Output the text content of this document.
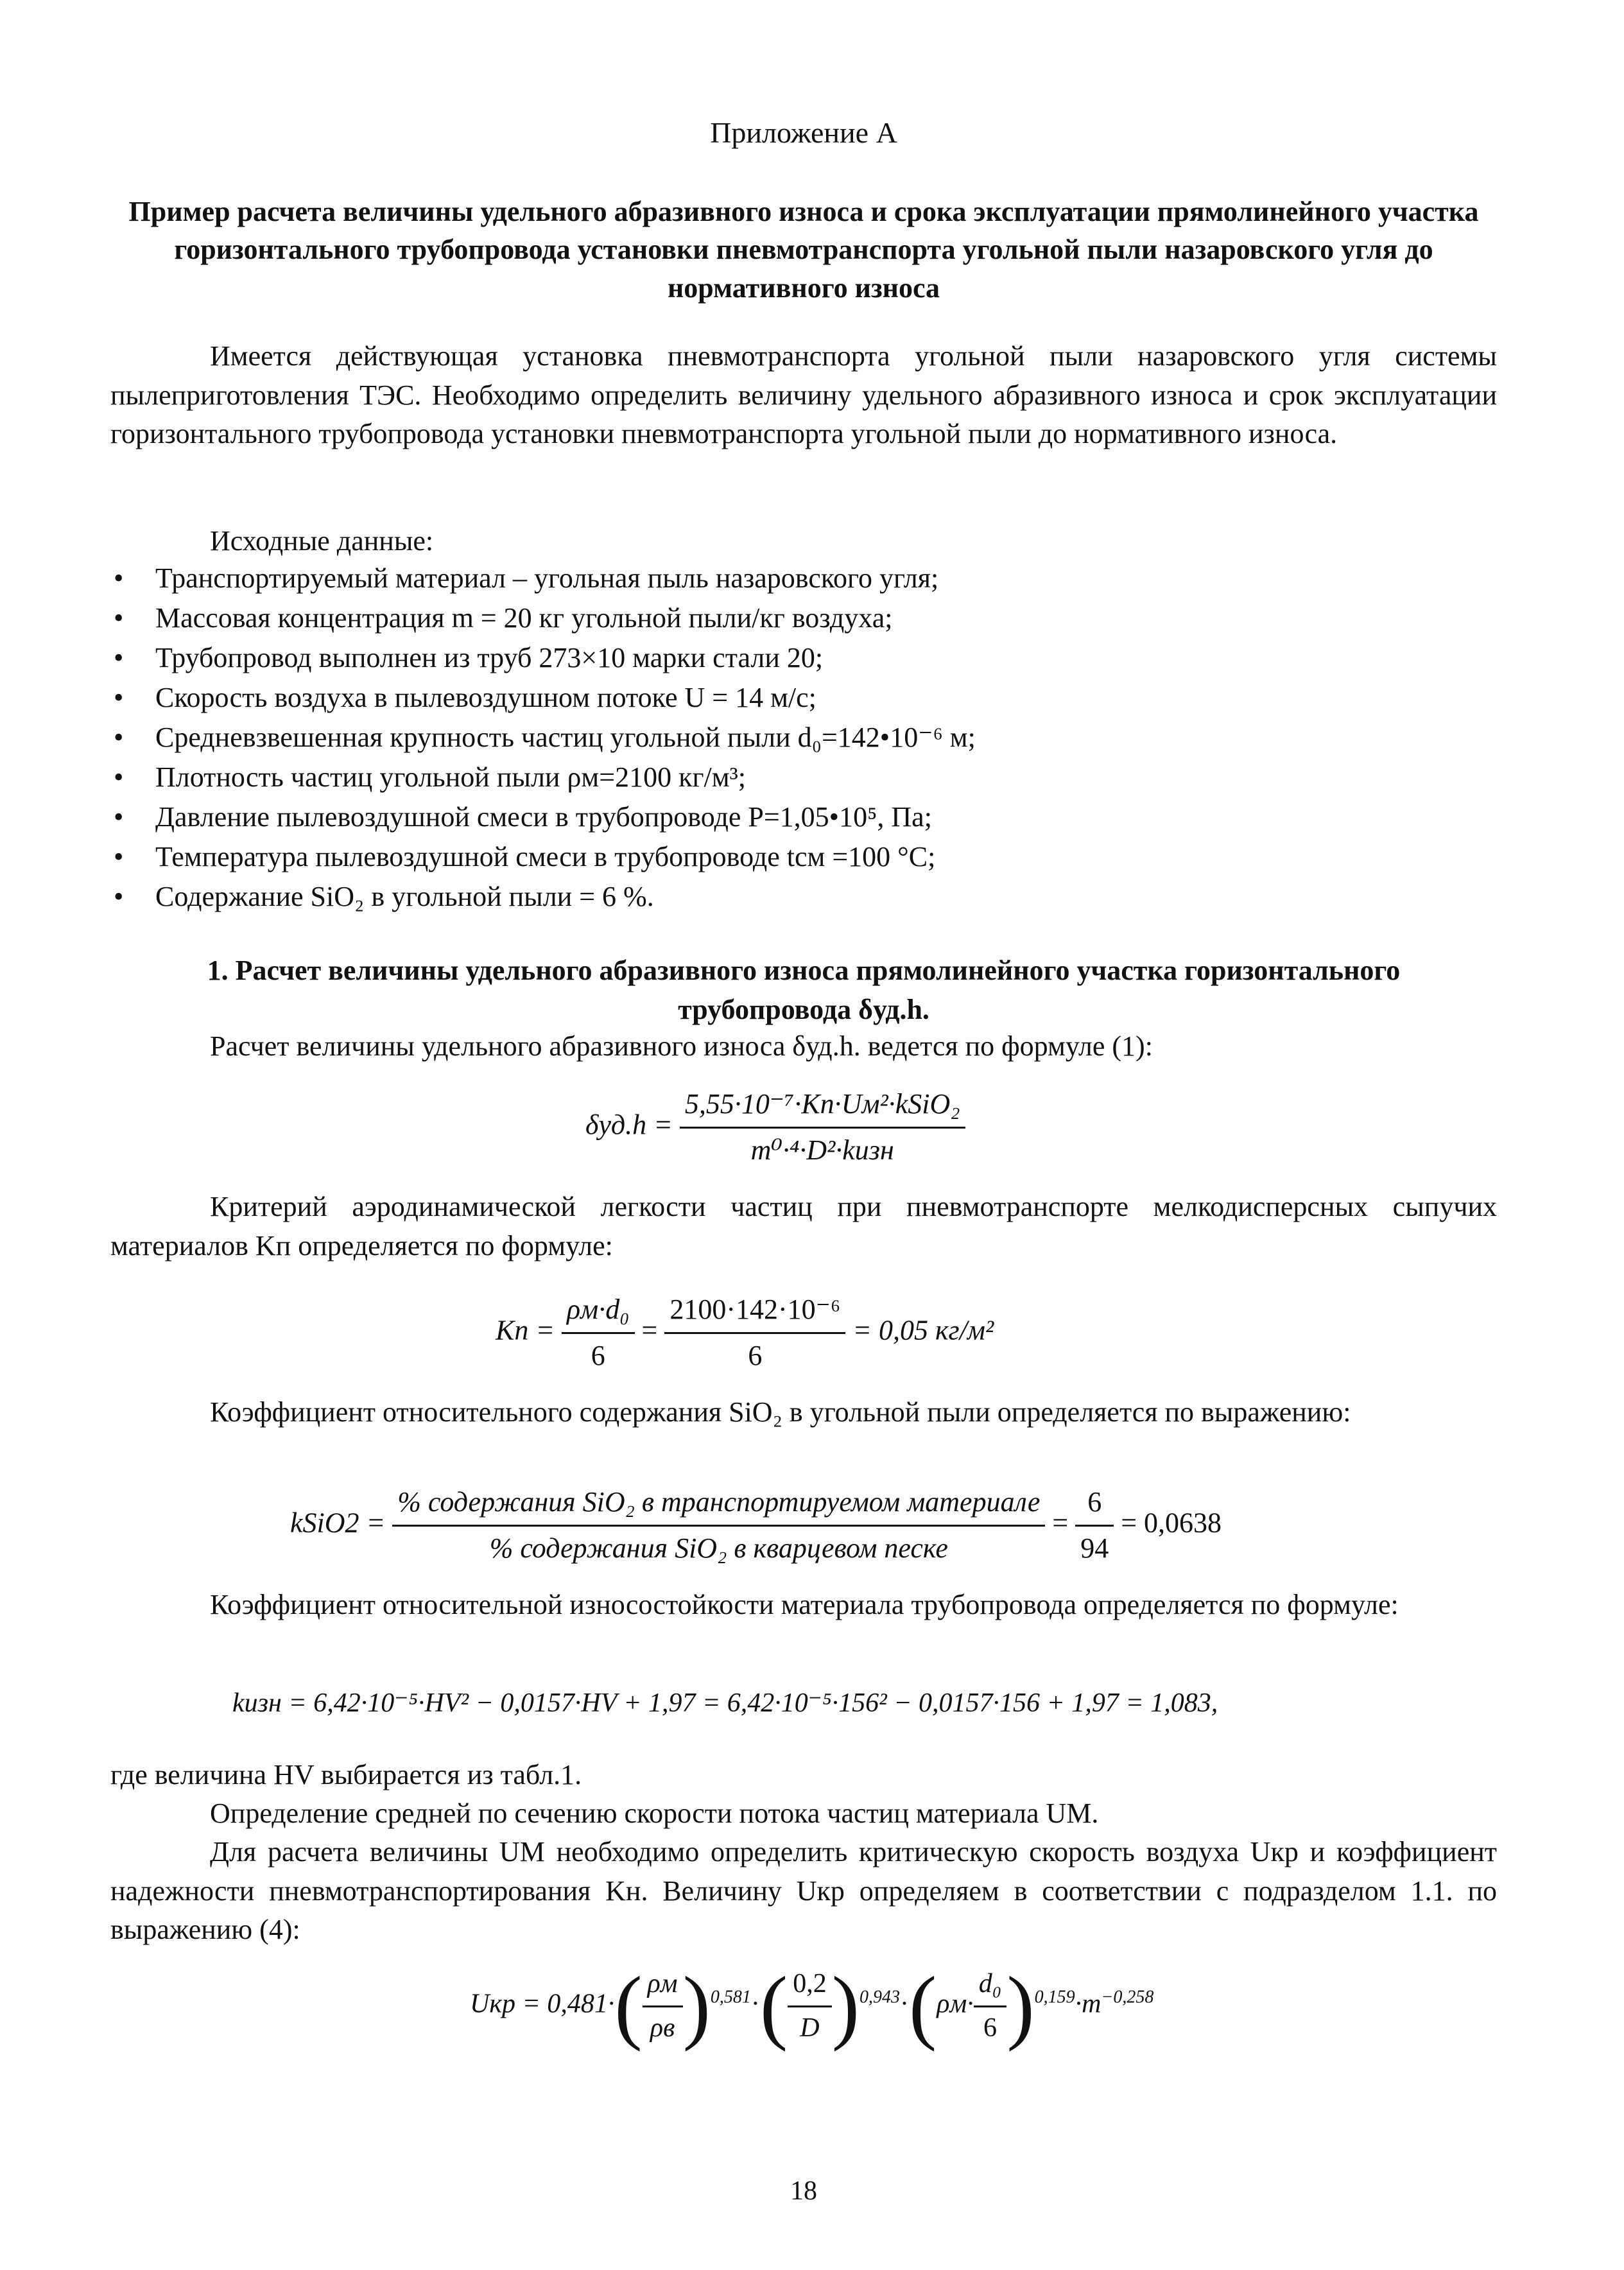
Приложение А
Пример расчета величины удельного абразивного износа и срока эксплуатации прямолинейного участка горизонтального трубопровода установки пневмотранспорта угольной пыли назаровского угля до нормативного износа
Имеется действующая установка пневмотранспорта угольной пыли назаровского угля системы пылеприготовления ТЭС. Необходимо определить величину удельного абразивного износа и срок эксплуатации горизонтального трубопровода установки пневмотранспорта угольной пыли до нормативного износа.
Исходные данные:
• Транспортируемый материал – угольная пыль назаровского угля;
• Массовая концентрация m = 20 кг угольной пыли/кг воздуха;
• Трубопровод выполнен из труб 273×10 марки стали 20;
• Скорость воздуха в пылевоздушном потоке U = 14 м/с;
• Средневзвешенная крупность частиц угольной пыли d₀=142•10⁻⁶ м;
• Плотность частиц угольной пыли ρм=2100 кг/м³;
• Давление пылевоздушной смеси в трубопроводе P=1,05•10⁵, Па;
• Температура пылевоздушной смеси в трубопроводе tсм =100 °С;
• Содержание SiO₂ в угольной пыли = 6 %.
1. Расчет величины удельного абразивного износа прямолинейного участка горизонтального
трубопровода δуд.h.
Расчет величины удельного абразивного износа δуд.h. ведется по формуле (1):
$\delta уд.h = \frac{\text{5,55·10⁻⁷·Kп·Uм²·kSiO₂}}{\text{m⁰·⁴·D²·kизн}}$
Критерий аэродинамической легкости частиц при пневмотранспорте мелкодисперсных сыпучих материалов Kп определяется по формуле:
Kп = $\frac{\text{ρм·d₀}}{6} = \frac{\text{2100·142·10⁻⁶}}{6} = 0,05$ кг/м²
Коэффициент относительного содержания SiO₂ в угольной пыли определяется по выражению:
kSiO2 = $\frac{\text{\% содержания SiO₂ в транспортируемом материале}}{\text{\% содержания SiO₂ в кварцевом песке}} = \frac{6}{94} = 0,0638$
Коэффициент относительной износостойкости материала трубопровода определяется по формуле:
kизн = 6,42·10⁻⁵·HV² − 0,0157·HV + 1,97 = 6,42·10⁻⁵·156² − 0,0157·156 + 1,97 = 1,083,
где величина HV выбирается из табл.1.
Определение средней по сечению скорости потока частиц материала UМ.
Для расчета величины UМ необходимо определить критическую скорость воздуха Uкр и коэффициент надежности пневмотранспортирования Kн. Величину Uкр определяем в соответствии с подразделом 1.1. по выражению (4):
Uкр = $0,481\cdot( \frac{\rho м}{\rho в} )^{0,581}\cdot( \frac{0,2}{D} )^{0,943}\cdot(\rho м\cdot \frac{\text{d₀}}{6} )^{0,159}\cdot m^{-0,258}$
18
